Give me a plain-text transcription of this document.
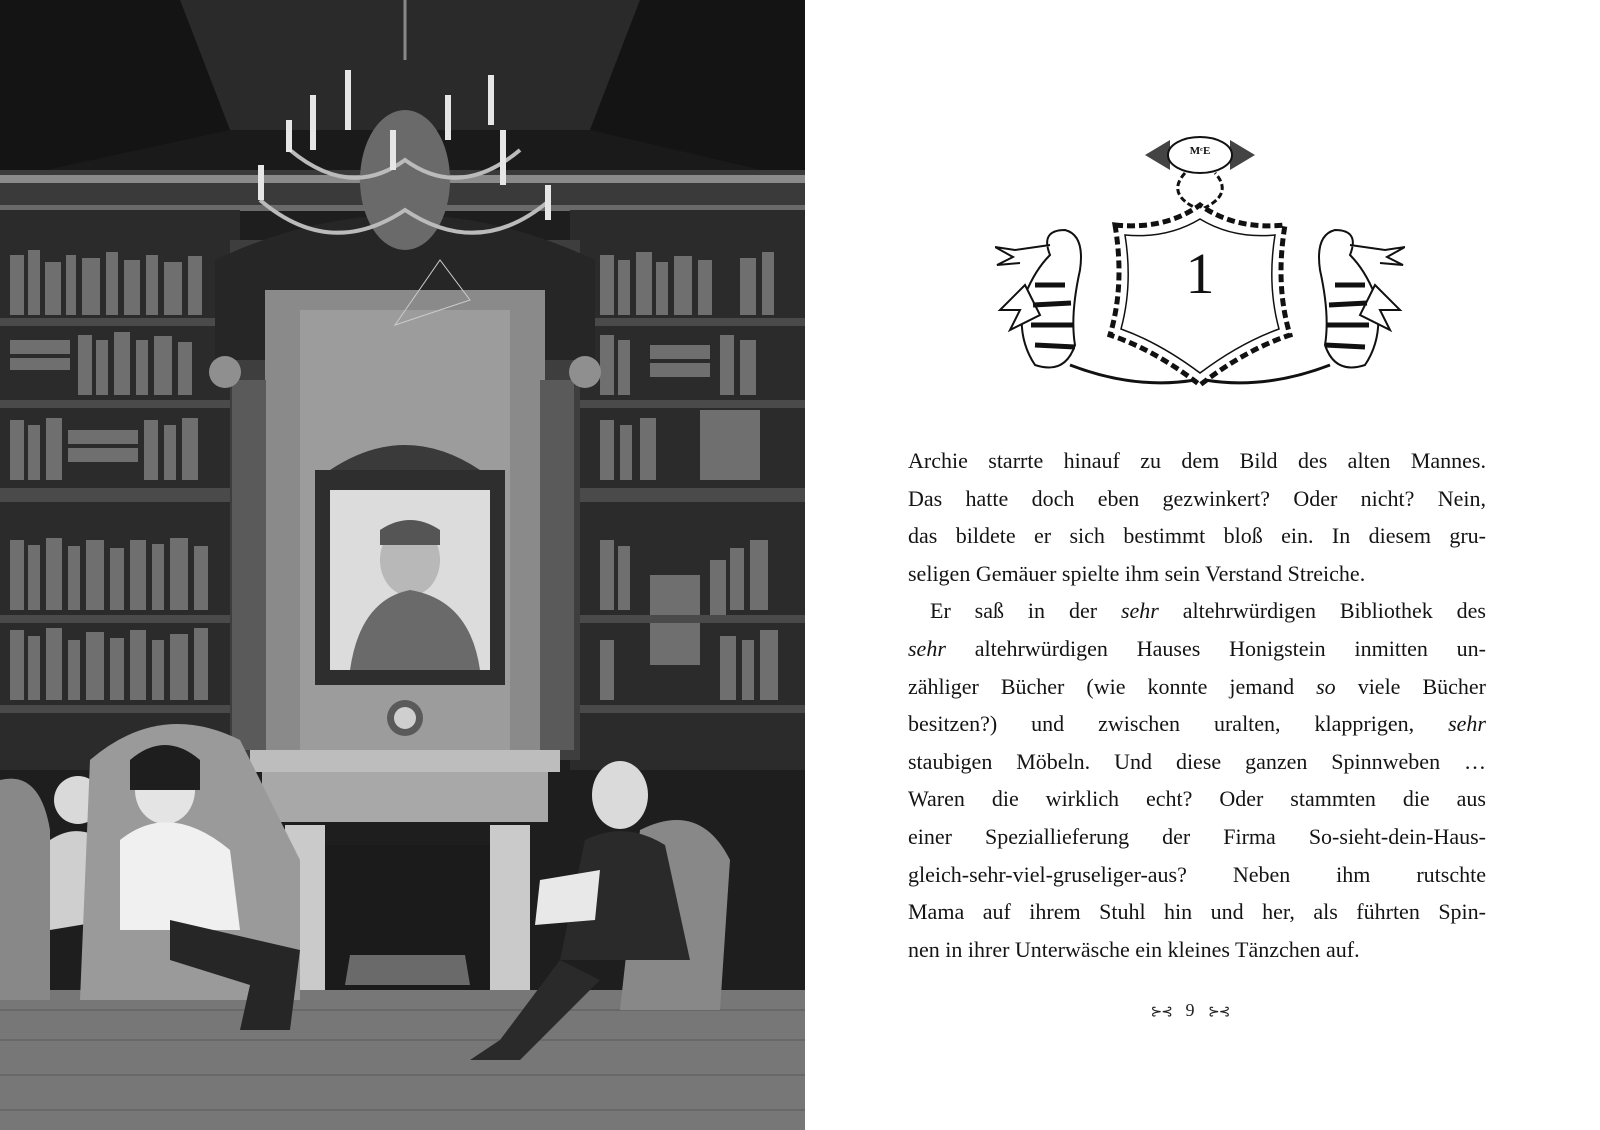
MᶜE
1
Archie starrte hinauf zu dem Bild des alten Mannes.
Das hatte doch eben gezwinkert? Oder nicht? Nein,
das bildete er sich bestimmt bloß ein. In diesem gru-
seligen Gemäuer spielte ihm sein Verstand Streiche.
Er saß in der sehr altehrwürdigen Bibliothek des
sehr altehrwürdigen Hauses Honigstein inmitten un-
zähliger Bücher (wie konnte jemand so viele Bücher
besitzen?) und zwischen uralten, klapprigen, sehr
staubigen Möbeln. Und diese ganzen Spinnweben …
Waren die wirklich echt? Oder stammten die aus
einer Speziallieferung der Firma So-sieht-dein-Haus-
gleich-sehr-viel-gruseliger-aus? Neben ihm rutschte
Mama auf ihrem Stuhl hin und her, als führten Spin-
nen in ihrer Unterwäsche ein kleines Tänzchen auf.
⊱⊰ 9 ⊱⊰
